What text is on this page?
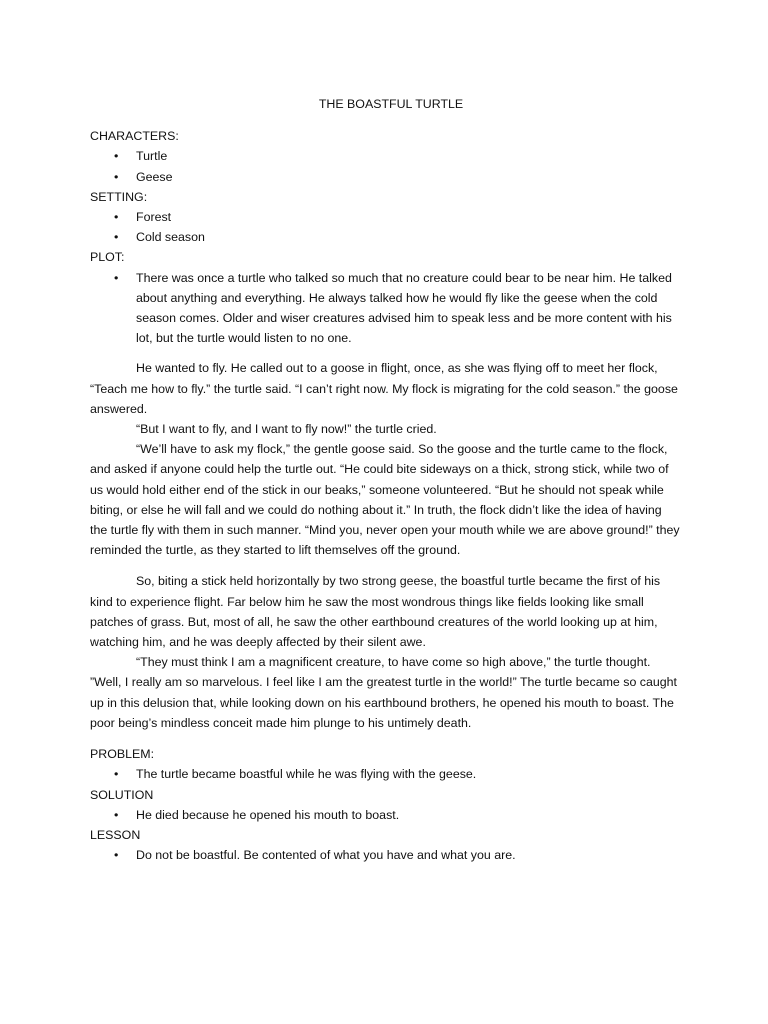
THE BOASTFUL TURTLE
CHARACTERS:
• Turtle
• Geese
SETTING:
• Forest
• Cold season
PLOT:
• There was once a turtle who talked so much that no creature could bear to be near him. He talked about anything and everything. He always talked how he would fly like the geese when the cold season comes. Older and wiser creatures advised him to speak less and be more content with his lot, but the turtle would listen to no one.

He wanted to fly. He called out to a goose in flight, once, as she was flying off to meet her flock, “Teach me how to fly.” the turtle said. “I can’t right now. My flock is migrating for the cold season.” the goose answered.

“But I want to fly, and I want to fly now!” the turtle cried.

“We’ll have to ask my flock,” the gentle goose said. So the goose and the turtle came to the flock, and asked if anyone could help the turtle out. “He could bite sideways on a thick, strong stick, while two of us would hold either end of the stick in our beaks,” someone volunteered. “But he should not speak while biting, or else he will fall and we could do nothing about it.” In truth, the flock didn’t like the idea of having the turtle fly with them in such manner. “Mind you, never open your mouth while we are above ground!” they reminded the turtle, as they started to lift themselves off the ground.

So, biting a stick held horizontally by two strong geese, the boastful turtle became the first of his kind to experience flight. Far below him he saw the most wondrous things like fields looking like small patches of grass. But, most of all, he saw the other earthbound creatures of the world looking up at him, watching him, and he was deeply affected by their silent awe.

“They must think I am a magnificent creature, to have come so high above,” the turtle thought. ”Well, I really am so marvelous. I feel like I am the greatest turtle in the world!” The turtle became so caught up in this delusion that, while looking down on his earthbound brothers, he opened his mouth to boast. The poor being’s mindless conceit made him plunge to his untimely death.

PROBLEM:
• The turtle became boastful while he was flying with the geese.
SOLUTION
• He died because he opened his mouth to boast.
LESSON
• Do not be boastful. Be contented of what you have and what you are.
